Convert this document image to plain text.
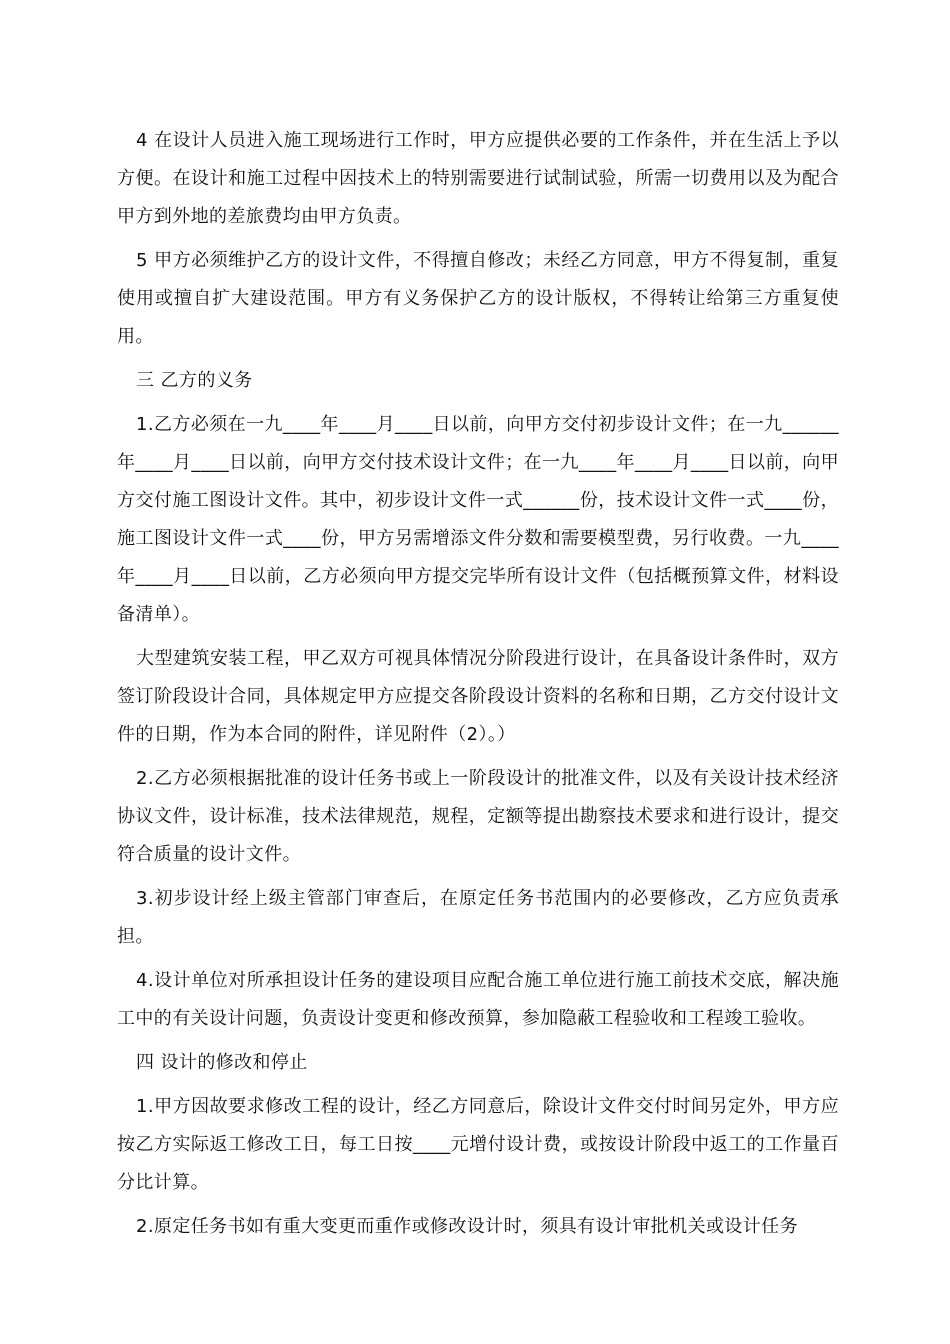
4 在设计人员进入施工现场进行工作时，甲方应提供必要的工作条件，并在生活上予以方便。在设计和施工过程中因技术上的特别需要进行试制试验，所需一切费用以及为配合甲方到外地的差旅费均由甲方负责。

5 甲方必须维护乙方的设计文件，不得擅自修改；未经乙方同意，甲方不得复制，重复使用或擅自扩大建设范围。甲方有义务保护乙方的设计版权，不得转让给第三方重复使用。

三 乙方的义务

1.乙方必须在一九____年____月____日以前，向甲方交付初步设计文件；在一九______年____月____日以前，向甲方交付技术设计文件；在一九____年____月____日以前，向甲方交付施工图设计文件。其中，初步设计文件一式______份，技术设计文件一式____份，施工图设计文件一式____份，甲方另需增添文件分数和需要模型费，另行收费。一九____年____月____日以前，乙方必须向甲方提交完毕所有设计文件（包括概预算文件，材料设备清单）。

大型建筑安装工程，甲乙双方可视具体情况分阶段进行设计，在具备设计条件时，双方签订阶段设计合同，具体规定甲方应提交各阶段设计资料的名称和日期，乙方交付设计文件的日期，作为本合同的附件，详见附件（2）。）

2.乙方必须根据批准的设计任务书或上一阶段设计的批准文件，以及有关设计技术经济协议文件，设计标准，技术法律规范，规程，定额等提出勘察技术要求和进行设计，提交符合质量的设计文件。

3.初步设计经上级主管部门审查后，在原定任务书范围内的必要修改，乙方应负责承担。

4.设计单位对所承担设计任务的建设项目应配合施工单位进行施工前技术交底，解决施工中的有关设计问题，负责设计变更和修改预算，参加隐蔽工程验收和工程竣工验收。

四 设计的修改和停止

1.甲方因故要求修改工程的设计，经乙方同意后，除设计文件交付时间另定外，甲方应按乙方实际返工修改工日，每工日按____元增付设计费，或按设计阶段中返工的工作量百分比计算。

2.原定任务书如有重大变更而重作或修改设计时，须具有设计审批机关或设计任务
